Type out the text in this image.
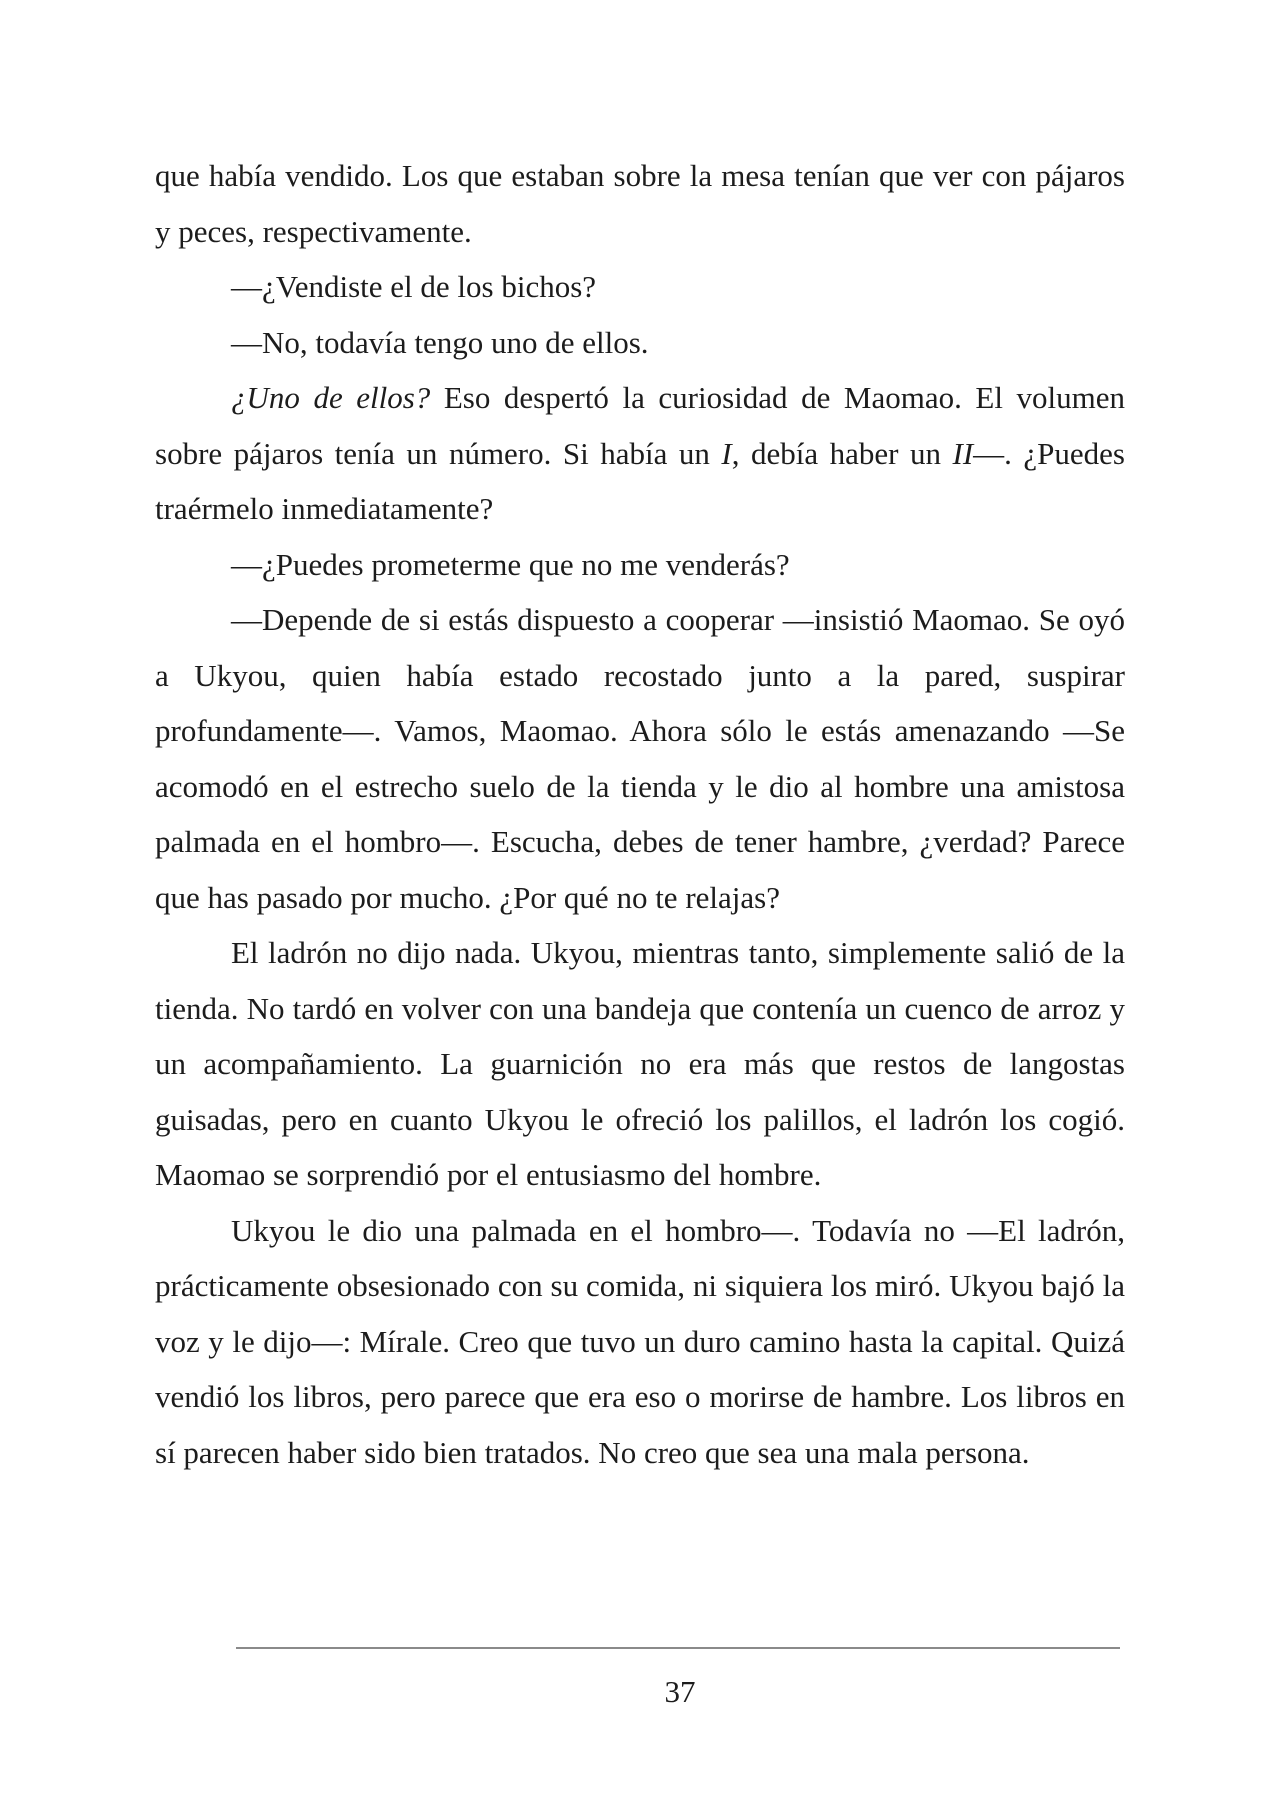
que había vendido. Los que estaban sobre la mesa tenían que ver con pájaros y peces, respectivamente.

—¿Vendiste el de los bichos?

—No, todavía tengo uno de ellos.

¿Uno de ellos? Eso despertó la curiosidad de Maomao. El volumen sobre pájaros tenía un número. Si había un I, debía haber un II—. ¿Puedes traérmelo inmediatamente?

—¿Puedes prometerme que no me venderás?

—Depende de si estás dispuesto a cooperar —insistió Maomao. Se oyó a Ukyou, quien había estado recostado junto a la pared, suspirar profundamente—. Vamos, Maomao. Ahora sólo le estás amenazando —Se acomodó en el estrecho suelo de la tienda y le dio al hombre una amistosa palmada en el hombro—. Escucha, debes de tener hambre, ¿verdad? Parece que has pasado por mucho. ¿Por qué no te relajas?

El ladrón no dijo nada. Ukyou, mientras tanto, simplemente salió de la tienda. No tardó en volver con una bandeja que contenía un cuenco de arroz y un acompañamiento. La guarnición no era más que restos de langostas guisadas, pero en cuanto Ukyou le ofreció los palillos, el ladrón los cogió. Maomao se sorprendió por el entusiasmo del hombre.

Ukyou le dio una palmada en el hombro—. Todavía no —El ladrón, prácticamente obsesionado con su comida, ni siquiera los miró. Ukyou bajó la voz y le dijo—: Mírale. Creo que tuvo un duro camino hasta la capital. Quizá vendió los libros, pero parece que era eso o morirse de hambre. Los libros en sí parecen haber sido bien tratados. No creo que sea una mala persona.

37
